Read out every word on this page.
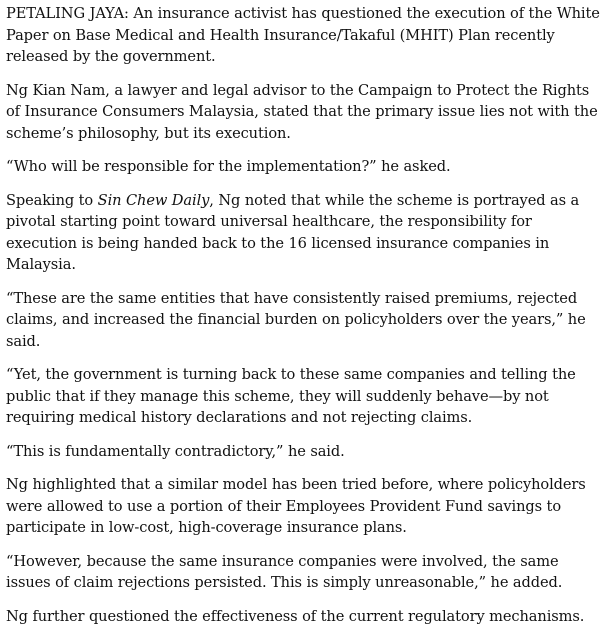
PETALING JAYA: An insurance activist has questioned the execution of the White Paper on Base Medical and Health Insurance/Takaful (MHIT) Plan recently released by the government.

Ng Kian Nam, a lawyer and legal advisor to the Campaign to Protect the Rights of Insurance Consumers Malaysia, stated that the primary issue lies not with the scheme’s philosophy, but its execution.

“Who will be responsible for the implementation?” he asked.

Speaking to Sin Chew Daily, Ng noted that while the scheme is portrayed as a pivotal starting point toward universal healthcare, the responsibility for execution is being handed back to the 16 licensed insurance companies in Malaysia.

“These are the same entities that have consistently raised premiums, rejected claims, and increased the financial burden on policyholders over the years,” he said.

“Yet, the government is turning back to these same companies and telling the public that if they manage this scheme, they will suddenly behave—by not requiring medical history declarations and not rejecting claims.

“This is fundamentally contradictory,” he said.

Ng highlighted that a similar model has been tried before, where policyholders were allowed to use a portion of their Employees Provident Fund savings to participate in low-cost, high-coverage insurance plans.

“However, because the same insurance companies were involved, the same issues of claim rejections persisted. This is simply unreasonable,” he added.

Ng further questioned the effectiveness of the current regulatory mechanisms.
